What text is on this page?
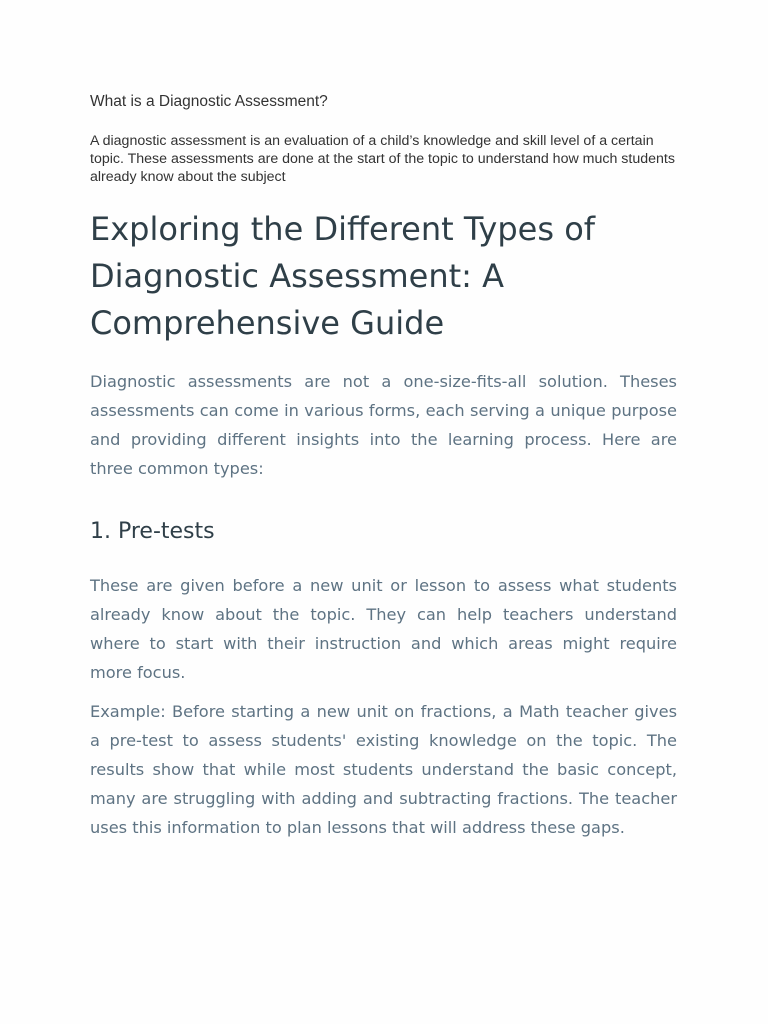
What is a Diagnostic Assessment?

A diagnostic assessment is an evaluation of a child’s knowledge and skill level of a certain topic. These assessments are done at the start of the topic to understand how much students already know about the subject

Exploring the Different Types of Diagnostic Assessment: A Comprehensive Guide

Diagnostic assessments are not a one-size-fits-all solution. Theses assessments can come in various forms, each serving a unique purpose and providing different insights into the learning process. Here are three common types:

1. Pre-tests

These are given before a new unit or lesson to assess what students already know about the topic. They can help teachers understand where to start with their instruction and which areas might require more focus.

Example: Before starting a new unit on fractions, a Math teacher gives a pre-test to assess students' existing knowledge on the topic. The results show that while most students understand the basic concept, many are struggling with adding and subtracting fractions. The teacher uses this information to plan lessons that will address these gaps.
